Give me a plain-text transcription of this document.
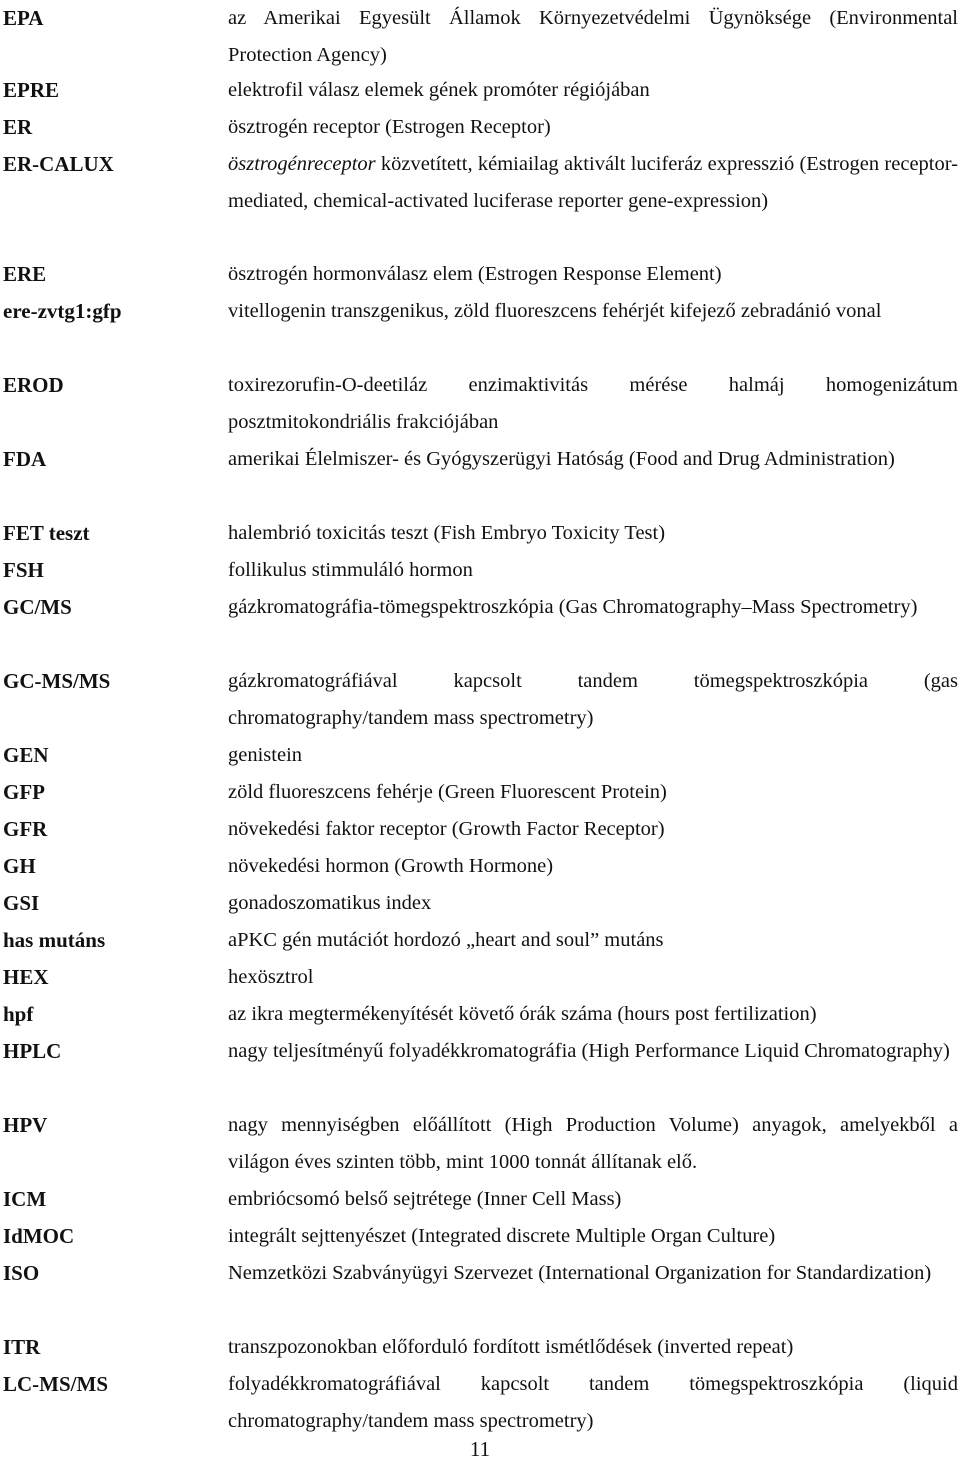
EPA	az Amerikai Egyesült Államok Környezetvédelmi Ügynöksége (Environmental Protection Agency)
EPRE	elektrofil válasz elemek gének promóter régiójában
ER	ösztrogén receptor (Estrogen Receptor)
ER-CALUX	ösztrogénreceptor közvetített, kémiailag aktivált luciferáz expresszió (Estrogen receptor-mediated, chemical-activated luciferase reporter gene-expression)
ERE	ösztrogén hormonválasz elem (Estrogen Response Element)
ere-zvtg1:gfp	vitellogenin transzgenikus, zöld fluoreszcens fehérjét kifejező zebradánió vonal
EROD	toxirezorufin-O-deetiláz enzimaktivitás mérése halmáj homogenizátum posztmitokondriális frakciójában
FDA	amerikai Élelmiszer- és Gyógyszerügyi Hatóság (Food and Drug Administration)
FET teszt	halembrió toxicitás teszt (Fish Embryo Toxicity Test)
FSH	follikulus stimmuláló hormon
GC/MS	gázkromatográfia-tömegspektroszkópia (Gas Chromatography–Mass Spectrometry)
GC-MS/MS	gázkromatográfiával kapcsolt tandem tömegspektroszkópia (gas chromatography/tandem mass spectrometry)
GEN	genistein
GFP	zöld fluoreszcens fehérje (Green Fluorescent Protein)
GFR	növekedési faktor receptor (Growth Factor Receptor)
GH	növekedési hormon (Growth Hormone)
GSI	gonadoszomatikus index
has mutáns	aPKC gén mutációt hordozó „heart and soul” mutáns
HEX	hexösztrol
hpf	az ikra megtermékenyítését követő órák száma (hours post fertilization)
HPLC	nagy teljesítményű folyadékkromatográfia (High Performance Liquid Chromatography)
HPV	nagy mennyiségben előállított (High Production Volume) anyagok, amelyekből a világon éves szinten több, mint 1000 tonnát állítanak elő.
ICM	embriócsomó belső sejtrétege (Inner Cell Mass)
IdMOC	integrált sejttenyészet (Integrated discrete Multiple Organ Culture)
ISO	Nemzetközi Szabványügyi Szervezet (International Organization for Standardization)
ITR	transzpozonokban előforduló fordított ismétlődések (inverted repeat)
LC-MS/MS	folyadékkromatográfiával kapcsolt tandem tömegspektroszkópia (liquid chromatography/tandem mass spectrometry)
11
